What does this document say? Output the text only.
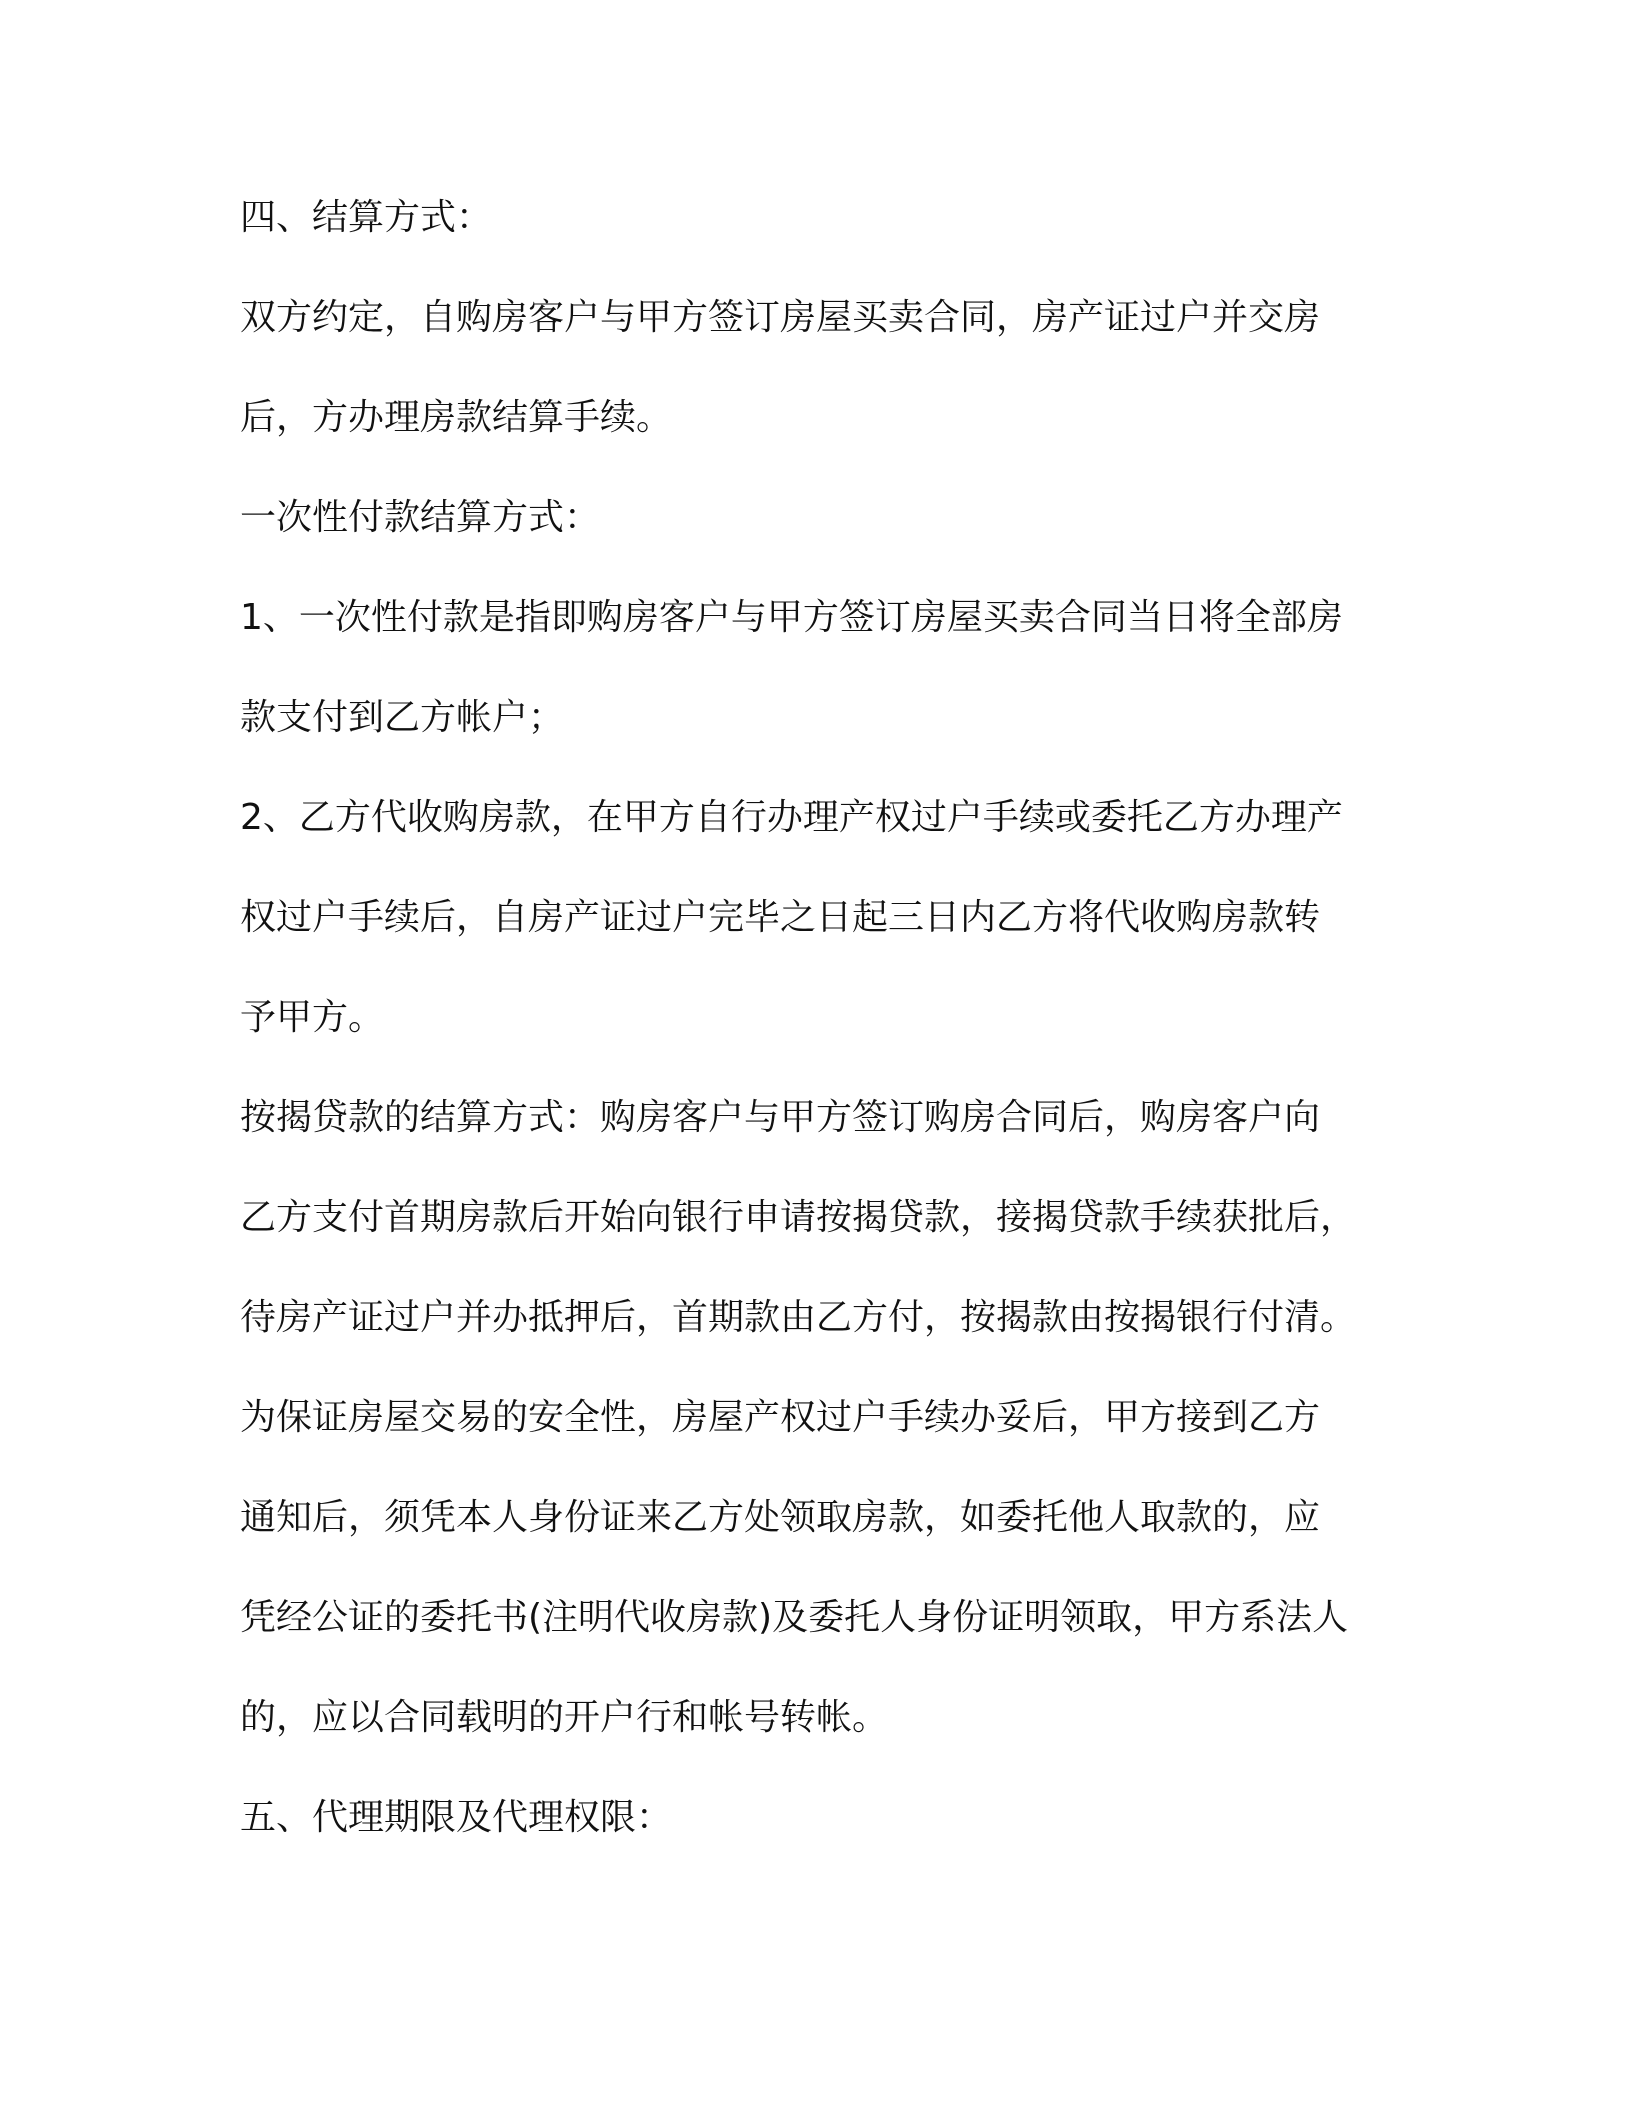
四、结算方式：
双方约定，自购房客户与甲方签订房屋买卖合同，房产证过户并交房
后，方办理房款结算手续。
一次性付款结算方式：
1、一次性付款是指即购房客户与甲方签订房屋买卖合同当日将全部房
款支付到乙方帐户；
2、乙方代收购房款，在甲方自行办理产权过户手续或委托乙方办理产
权过户手续后，自房产证过户完毕之日起三日内乙方将代收购房款转
予甲方。
按揭贷款的结算方式：购房客户与甲方签订购房合同后，购房客户向
乙方支付首期房款后开始向银行申请按揭贷款，接揭贷款手续获批后，
待房产证过户并办抵押后，首期款由乙方付，按揭款由按揭银行付清。
为保证房屋交易的安全性，房屋产权过户手续办妥后，甲方接到乙方
通知后，须凭本人身份证来乙方处领取房款，如委托他人取款的，应
凭经公证的委托书(注明代收房款)及委托人身份证明领取，甲方系法人
的，应以合同载明的开户行和帐号转帐。
五、代理期限及代理权限：
